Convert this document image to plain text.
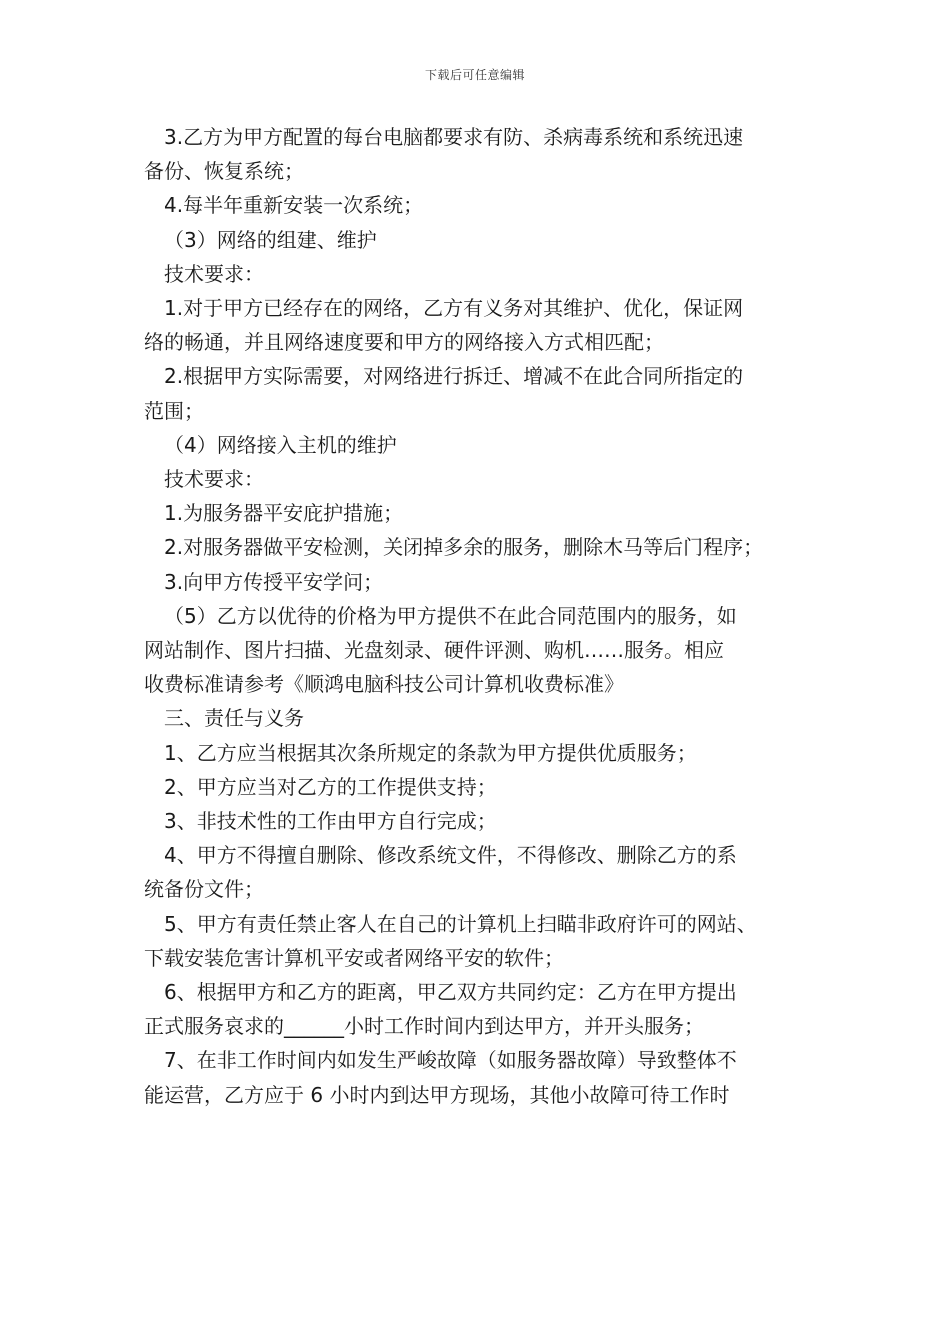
下载后可任意编辑

3.乙方为甲方配置的每台电脑都要求有防、杀病毒系统和系统迅速

备份、恢复系统；

4.每半年重新安装一次系统；

（3）网络的组建、维护

技术要求：

1.对于甲方已经存在的网络，乙方有义务对其维护、优化，保证网

络的畅通，并且网络速度要和甲方的网络接入方式相匹配；

2.根据甲方实际需要，对网络进行拆迁、增减不在此合同所指定的

范围；

（4）网络接入主机的维护

技术要求：

1.为服务器平安庇护措施；

2.对服务器做平安检测，关闭掉多余的服务，删除木马等后门程序；

3.向甲方传授平安学问；

（5）乙方以优待的价格为甲方提供不在此合同范围内的服务，如

网站制作、图片扫描、光盘刻录、硬件评测、购机……服务。相应

收费标准请参考《顺鸿电脑科技公司计算机收费标准》

三、责任与义务

1、乙方应当根据其次条所规定的条款为甲方提供优质服务；

2、甲方应当对乙方的工作提供支持；

3、非技术性的工作由甲方自行完成；

4、甲方不得擅自删除、修改系统文件，不得修改、删除乙方的系

统备份文件；

5、甲方有责任禁止客人在自己的计算机上扫瞄非政府许可的网站、

下载安装危害计算机平安或者网络平安的软件；

6、根据甲方和乙方的距离，甲乙双方共同约定：乙方在甲方提出

正式服务哀求的______小时工作时间内到达甲方，并开头服务；

7、在非工作时间内如发生严峻故障（如服务器故障）导致整体不

能运营，乙方应于 6 小时内到达甲方现场，其他小故障可待工作时
